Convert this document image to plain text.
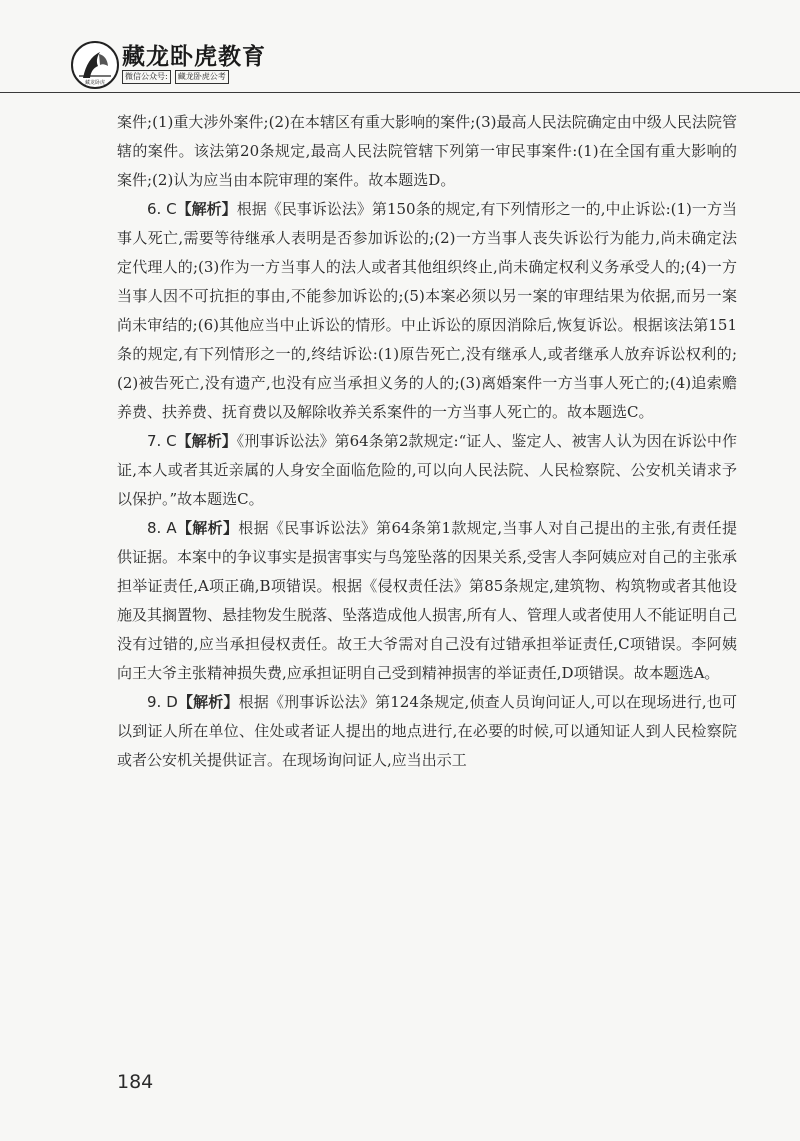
藏龙卧虎
藏龙卧虎教育
微信公众号:	藏龙卧虎公考

案件;(1)重大涉外案件;(2)在本辖区有重大影响的案件;(3)最高人民法院确定由中级人民法院管辖的案件。该法第20条规定,最高人民法院管辖下列第一审民事案件:(1)在全国有重大影响的案件;(2)认为应当由本院审理的案件。故本题选D。

6. C【解析】根据《民事诉讼法》第150条的规定,有下列情形之一的,中止诉讼:(1)一方当事人死亡,需要等待继承人表明是否参加诉讼的;(2)一方当事人丧失诉讼行为能力,尚未确定法定代理人的;(3)作为一方当事人的法人或者其他组织终止,尚未确定权利义务承受人的;(4)一方当事人因不可抗拒的事由,不能参加诉讼的;(5)本案必须以另一案的审理结果为依据,而另一案尚未审结的;(6)其他应当中止诉讼的情形。中止诉讼的原因消除后,恢复诉讼。根据该法第151条的规定,有下列情形之一的,终结诉讼:(1)原告死亡,没有继承人,或者继承人放弃诉讼权利的;(2)被告死亡,没有遗产,也没有应当承担义务的人的;(3)离婚案件一方当事人死亡的;(4)追索赡养费、扶养费、抚育费以及解除收养关系案件的一方当事人死亡的。故本题选C。

7. C【解析】《刑事诉讼法》第64条第2款规定:“证人、鉴定人、被害人认为因在诉讼中作证,本人或者其近亲属的人身安全面临危险的,可以向人民法院、人民检察院、公安机关请求予以保护。”故本题选C。

8. A【解析】根据《民事诉讼法》第64条第1款规定,当事人对自己提出的主张,有责任提供证据。本案中的争议事实是损害事实与鸟笼坠落的因果关系,受害人李阿姨应对自己的主张承担举证责任,A项正确,B项错误。根据《侵权责任法》第85条规定,建筑物、构筑物或者其他设施及其搁置物、悬挂物发生脱落、坠落造成他人损害,所有人、管理人或者使用人不能证明自己没有过错的,应当承担侵权责任。故王大爷需对自己没有过错承担举证责任,C项错误。李阿姨向王大爷主张精神损失费,应承担证明自己受到精神损害的举证责任,D项错误。故本题选A。

9. D【解析】根据《刑事诉讼法》第124条规定,侦查人员询问证人,可以在现场进行,也可以到证人所在单位、住处或者证人提出的地点进行,在必要的时候,可以通知证人到人民检察院或者公安机关提供证言。在现场询问证人,应当出示工

184
